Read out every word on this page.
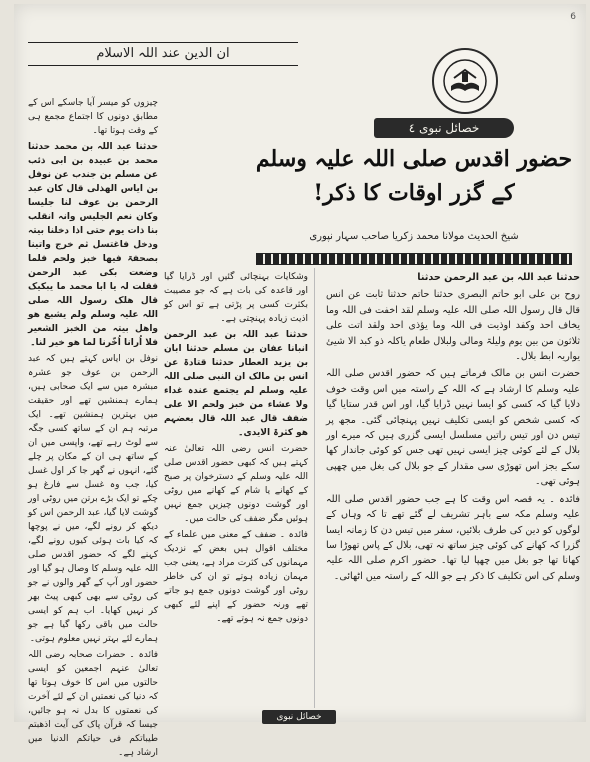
6
ان الدین عند اللہ الاسلام
خصائل نبوی ٤
حضور اقدس صلی اللہ علیہ وسلم
کے گزر اوقات کا ذکر!
شیخ الحدیث مولانا محمد زکریا صاحب سہار نپوری

حدثنا عبد اللہ بن عبد الرحمن حدثنا

روح بن علی ابو حاتم البصری حدثنا حاتم حدثنا ثابت عن انس قال قال رسول اللہ صلی اللہ علیہ وسلم لقد اخفت فی اللہ وما یخاف احد وکفد اوذیت فی اللہ وما یؤذی احد ولقد اتت علی ثلاثون من بین یوم ولیلۃ ومالی ولبلال طعام یاکلہ ذو کبد الا شیئ یواریہ ابط بلال۔

حضرت انس بن مالک فرماتے ہیں کہ حضور اقدس صلی اللہ علیہ وسلم کا ارشاد ہے کہ اللہ کے راستہ میں اس وقت خوف دلایا گیا کہ کسی کو ایسا نہیں ڈرایا گیا، اور اس قدر ستایا گیا کہ کسی شخص کو ایسی تکلیف نہیں پہنچائی گئی۔ مجھ پر تیس دن اور تیس راتیں مسلسل ایسی گزری ہیں کہ میرے اور بلال کے لئے کوئی چیز ایسی نہیں تھی جس کو کوئی جاندار کھا سکے بجز اس تھوڑی سی مقدار کے جو بلال کی بغل میں چھپی ہوئی تھی۔

فائدہ ۔ یہ قصہ اس وقت کا ہے جب حضور اقدس صلی اللہ علیہ وسلم مکہ سے باہر تشریف لے گئے تھے تا کہ وہاں کے لوگوں کو دین کی طرف بلائیں، سفر میں تیس دن کا زمانہ ایسا گزرا کہ کھانے کی کوئی چیز ساتھ نہ تھی، بلال کے پاس تھوڑا سا کھانا تھا جو بغل میں چھپا لیا تھا۔ حضور اکرم صلی اللہ علیہ وسلم کی اس تکلیف کا ذکر ہے جو اللہ کے راستہ میں اٹھائی۔

وشکایات بہنچائی گئیں اور ڈرایا گیا اور قاعدہ کی بات ہے کہ جو مصیبت بکثرت کسی پر پڑتی ہے تو اس کو اذیت زیادہ پہنچتی ہے۔

حدثنا عبد اللہ بن عبد الرحمن انبانا عفان بن مسلم حدثنا ابان بن یزید العطار حدثنا قتادۃ عن انس بن مالک ان النبی صلی اللہ علیہ وسلم لم یجتمع عندہ غداء ولا عشاء من خبز ولحم الا علی ضفف قال عبد اللہ قال بعضہم ھو کثرۃ الایدی۔

حضرت انس رضی اللہ تعالیٰ عنہ کہتے ہیں کہ کبھی حضور اقدس صلی اللہ علیہ وسلم کے دسترخوان پر صبح کے کھانے یا شام کے کھانے میں روٹی اور گوشت دونوں چیزیں جمع نہیں ہوئیں مگر ضفف کی حالت میں۔

فائدہ ۔ ضفف کے معنی میں علماء کے مختلف اقوال ہیں بعض کے نزدیک مہمانوں کی کثرت مراد ہے، یعنی جب مہمان زیادہ ہوتے تو ان کی خاطر روٹی اور گوشت دونوں جمع ہو جاتے تھے ورنہ حضور کے اپنے لئے کبھی دونوں جمع نہ ہوتے تھے۔

چیزوں کو میسر آیا جاسکے اس کے مطابق دونوں کا اجتماع مجمع ہی کے وقت ہوتا تھا۔

حدثنا عبد اللہ بن محمد حدثنا محمد بن عبیدہ بن ابی ذئب عن مسلم بن جندب عن نوفل بن ایاس الھذلی قال کان عبد الرحمن بن عوف لنا جلیسا وکان نعم الجلیس وانہ انقلب بنا ذات یوم حتی اذا دخلنا بیتہ ودخل فاغتسل ثم خرج واتینا بصحفۃ فیھا خبز ولحم فلما وضعت بکی عبد الرحمن فقلت لہ یا ابا محمد ما یبکیک قال ھلک رسول اللہ صلی اللہ علیہ وسلم ولم یشبع ھو واھل بیتہ من الخبز الشعیر فلا اُرانا اُخّرنا لما ھو خیر لنا۔

نوفل بن ایاس کہتے ہیں کہ عبد الرحمن بن عوف جو عشرہ مبشرہ میں سے ایک صحابی ہیں، ہمارے ہمنشین تھے اور حقیقت میں بہترین ہمنشین تھے۔ ایک مرتبہ ہم ان کے ساتھ کسی جگہ سے لوٹ رہے تھے، واپسی میں ان کے ساتھ ہی ان کے مکان پر چلے گئے، انہوں نے گھر جا کر اول غسل کیا، جب وہ غسل سے فارغ ہو چکے تو ایک بڑے برتن میں روٹی اور گوشت لایا گیا، عبد الرحمن اس کو دیکھ کر رونے لگے، میں نے پوچھا کہ کیا بات ہوئی کیوں رونے لگے، کہنے لگے کہ حضور اقدس صلی اللہ علیہ وسلم کا وصال ہو گیا اور حضور اور آپ کے گھر والوں نے جو کی روٹی سے بھی کبھی پیٹ بھر کر نہیں کھایا۔ اب ہم کو ایسی حالت میں باقی رکھا گیا ہے جو ہمارے لئے بہتر نہیں معلوم ہوتی۔

فائدہ ۔ حضرات صحابہ رضی اللہ تعالیٰ عنہم اجمعین کو ایسی حالتوں میں اس کا خوف ہوتا تھا کہ دنیا کی نعمتیں ان کے لئے آخرت کی نعمتوں کا بدل نہ ہو جائیں، جیسا کہ قرآن پاک کی آیت اذھبتم طیباتکم فی حیاتکم الدنیا میں ارشاد ہے۔

خصائل نبوی
